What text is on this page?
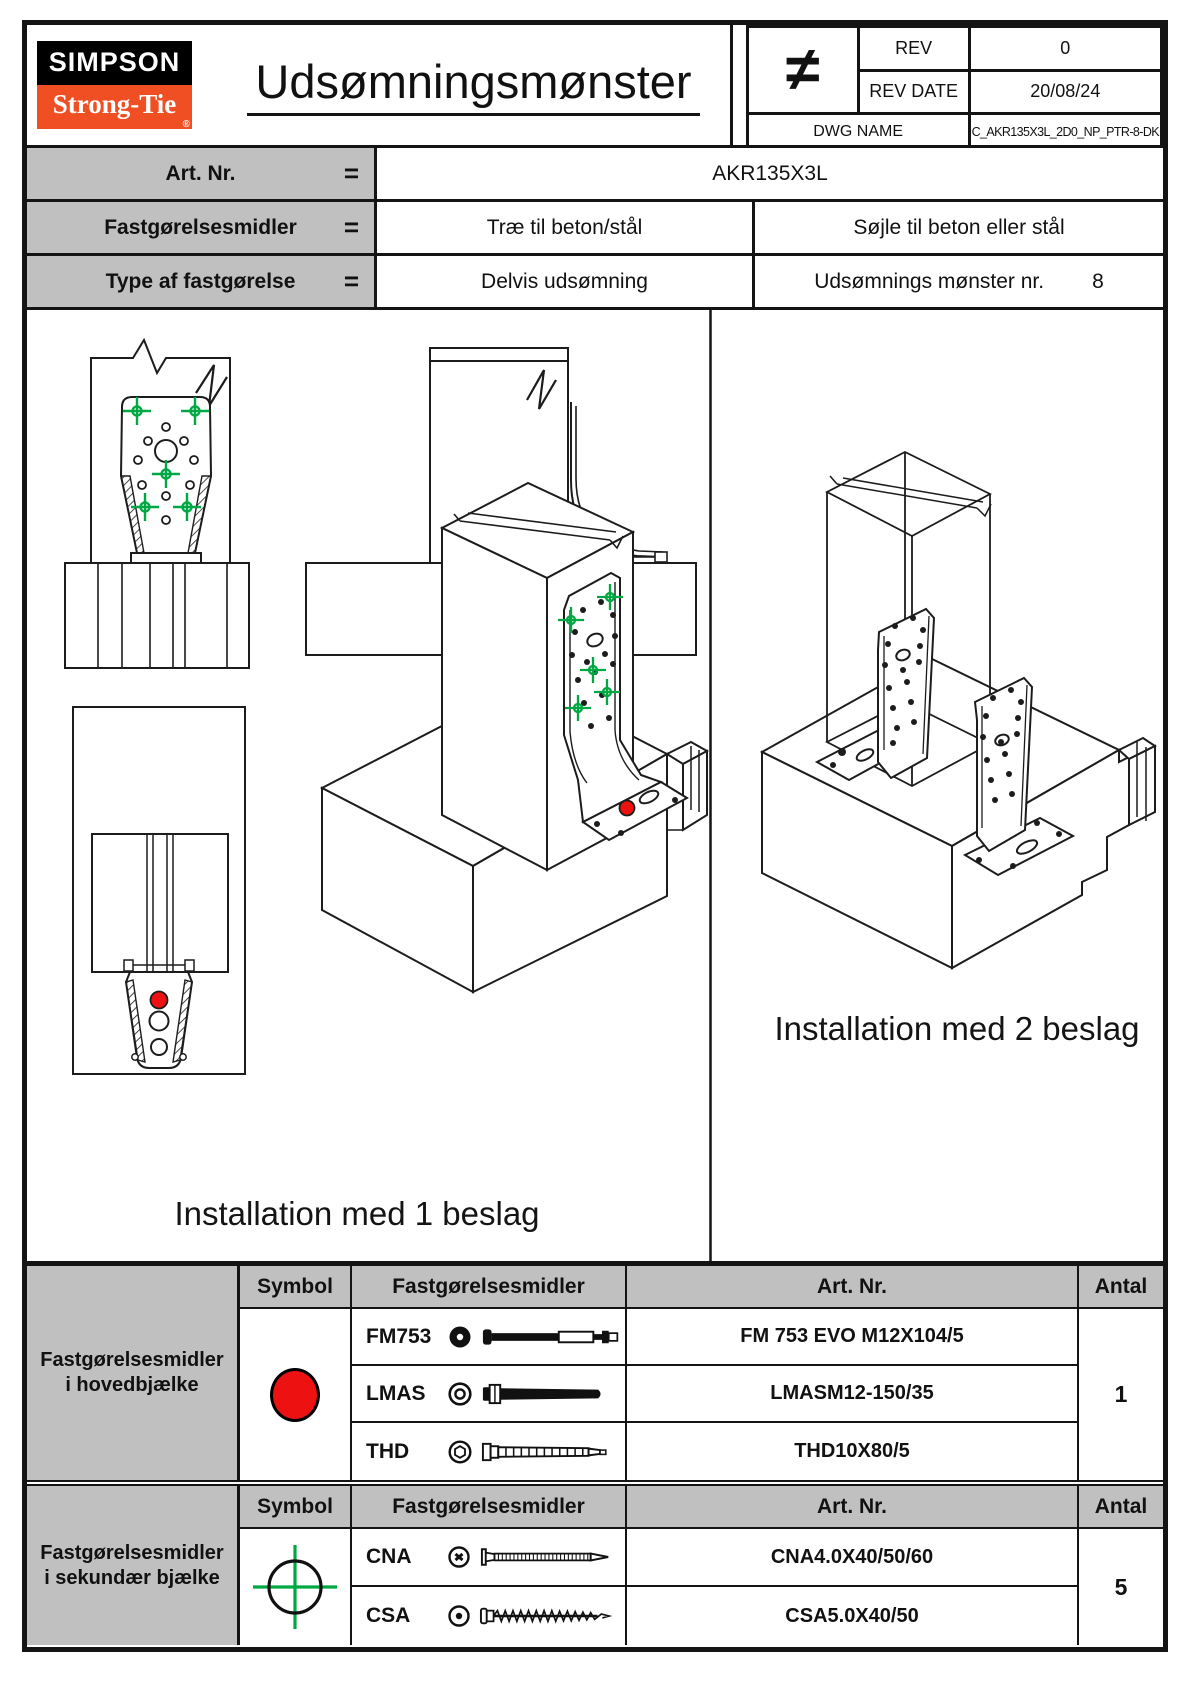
SIMPSON
Strong-Tie
®
Udsømningsmønster ≠	REV	0
	REV DATE	20/08/24
DWG NAME		C_AKR135X3L_2D0_NP_PTR-8-DK
Art. Nr.	=	AKR135X3L
Fastgørelsesmidler =	Træ til beton/stål	Søjle til beton eller stål
Type af fastgørelse =	Delvis udsømning	Udsømnings mønster nr. 8
Installation med 1 beslag
Installation med 2 beslag
Fastgørelsesmidler
i hovedbjælke
Symbol	Fastgørelsesmidler	Art. Nr.	Antal
FM753	FM 753 EVO M12X104/5
LMAS	LMASM12-150/35
THD	THD10X80/5
1
Fastgørelsesmidler
i sekundær bjælke
Symbol	Fastgørelsesmidler	Art. Nr.	Antal
CNA	CNA4.0X40/50/60
CSA	CSA5.0X40/50
5
